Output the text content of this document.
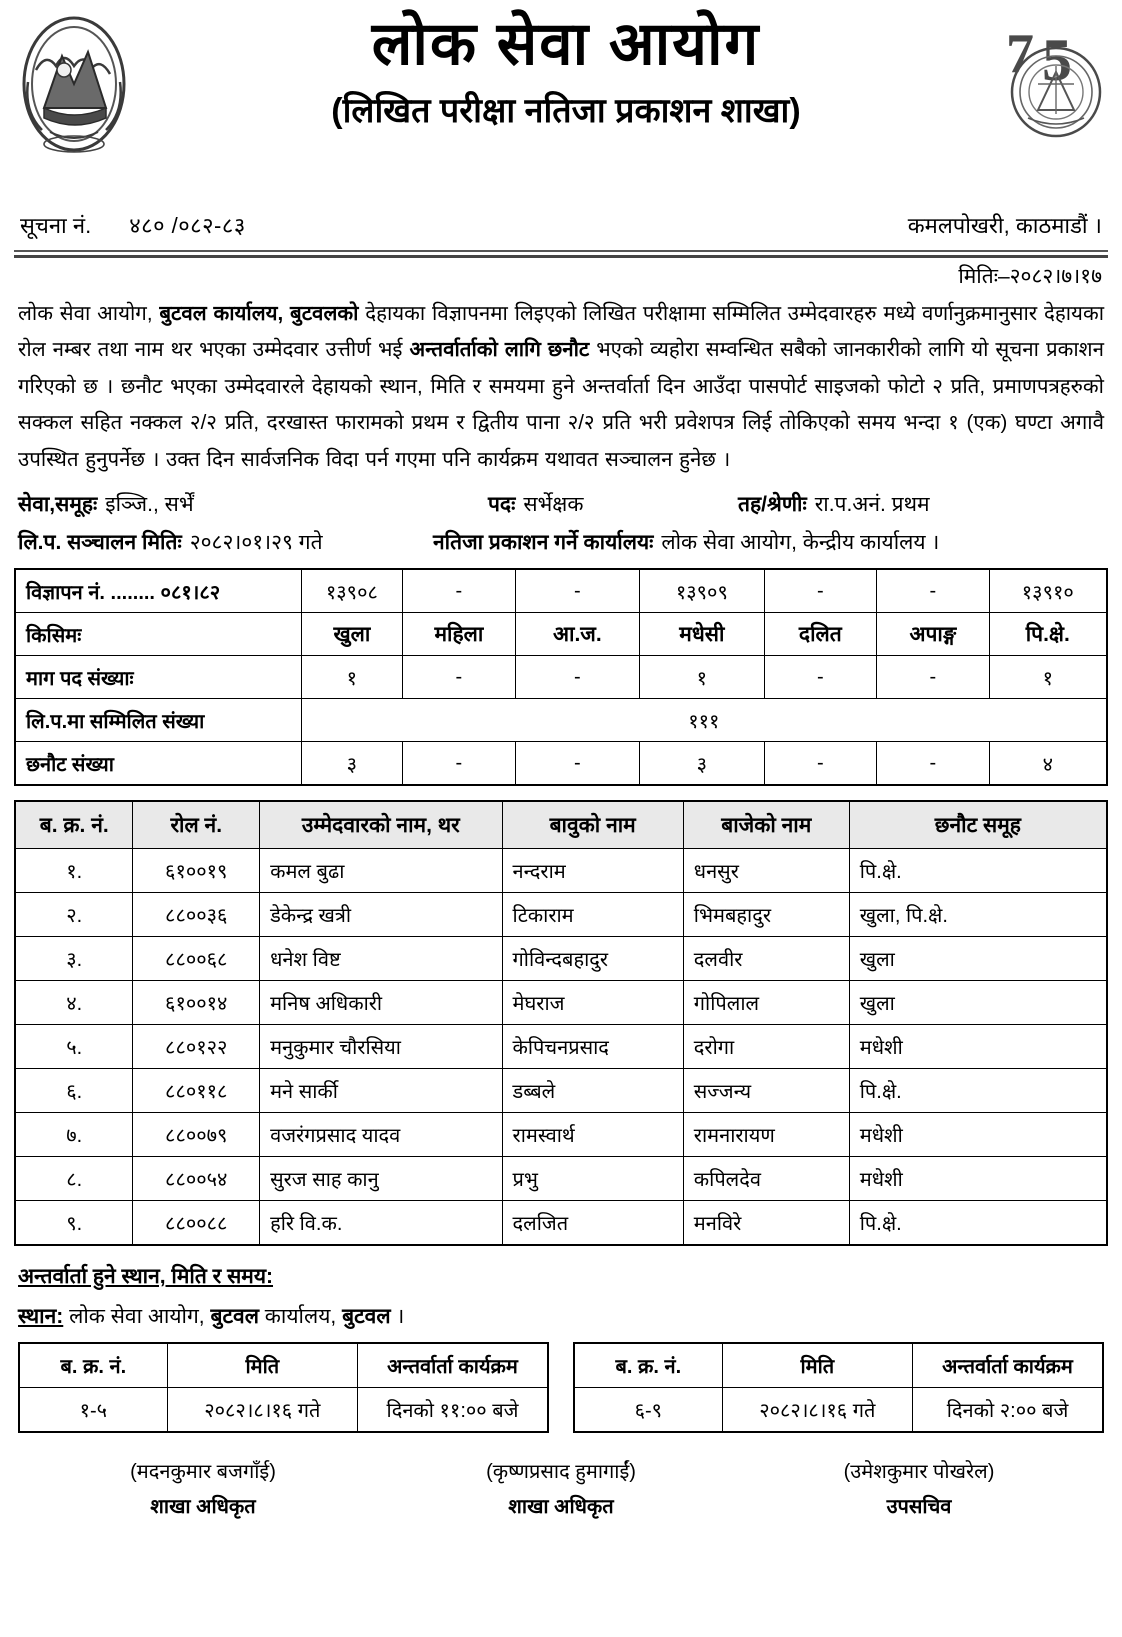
लोक सेवा आयोग
(लिखित परीक्षा नतिजा प्रकाशन शाखा)
7 5
सूचना नं. ४८० /०८२-८३	कमलपोखरी, काठमाडौं ।
मितिः–२०८२।७।१७
लोक सेवा आयोग, बुटवल कार्यालय, बुटवलको देहायका विज्ञापनमा लिइएको लिखित परीक्षामा सम्मिलित उम्मेदवारहरु मध्ये वर्णानुक्रमानुसार देहायका रोल नम्बर तथा नाम थर भएका उम्मेदवार उत्तीर्ण भई अन्तर्वार्ताको लागि छनौट भएको व्यहोरा सम्वन्धित सबैको जानकारीको लागि यो सूचना प्रकाशन गरिएको छ । छनौट भएका उम्मेदवारले देहायको स्थान, मिति र समयमा हुने अन्तर्वार्ता दिन आउँदा पासपोर्ट साइजको फोटो २ प्रति, प्रमाणपत्रहरुको सक्कल सहित नक्कल २/२ प्रति, दरखास्त फारामको प्रथम र द्वितीय पाना २/२ प्रति भरी प्रवेशपत्र लिई तोकिएको समय भन्दा १ (एक) घण्टा अगावै उपस्थित हुनुपर्नेछ । उक्त दिन सार्वजनिक विदा पर्न गएमा पनि कार्यक्रम यथावत सञ्चालन हुनेछ ।
सेवा,समूहः इञ्जि., सर्भें	पदः सर्भेक्षक	तह/श्रेणीः रा.प.अनं. प्रथम
लि.प. सञ्चालन मितिः २०८२।०१।२९ गते	नतिजा प्रकाशन गर्ने कार्यालयः लोक सेवा आयोग, केन्द्रीय कार्यालय ।
विज्ञापन नं. ........ ०८१।८२	१३९०८	-	-	१३९०९	-	-	१३९१०
किसिमः	खुला	महिला	आ.ज.	मधेसी	दलित	अपाङ्ग	पि.क्षे.
माग पद संख्याः	१	-	-	१	-	-	१
लि.प.मा सम्मिलित संख्या	१११						
छनौट संख्या	३	-	-	३	-	-	४
ब. क्र. नं.	रोल नं.	उम्मेदवारको नाम, थर	बावुको नाम	बाजेको नाम	छनौट समूह
१.	६१००१९	कमल बुढा	नन्दराम	धनसुर	पि.क्षे.
२.	८८००३६	डेकेन्द्र खत्री	टिकाराम	भिमबहादुर	खुला, पि.क्षे.
३.	८८००६८	धनेश विष्ट	गोविन्दबहादुर	दलवीर	खुला
४.	६१००१४	मनिष अधिकारी	मेघराज	गोपिलाल	खुला
५.	८८०१२२	मनुकुमार चौरसिया	केपिचनप्रसाद	दरोगा	मधेशी
६.	८८०११८	मने सार्की	डब्बले	सज्जन्य	पि.क्षे.
७.	८८००७९	वजरंगप्रसाद यादव	रामस्वार्थ	रामनारायण	मधेशी
८.	८८००५४	सुरज साह कानु	प्रभु	कपिलदेव	मधेशी
९.	८८००८८	हरि वि.क.	दलजित	मनविरे	पि.क्षे.
अन्तर्वार्ता हुने स्थान, मिति र समय:
स्थान: लोक सेवा आयोग, बुटवल कार्यालय, बुटवल ।
ब. क्र. नं.	मिति	अन्तर्वार्ता कार्यक्रम
१-५	२०८२।८।१६ गते	दिनको ११:०० बजे
ब. क्र. नं.	मिति	अन्तर्वार्ता कार्यक्रम
६-९	२०८२।८।१६ गते	दिनको २:०० बजे
(मदनकुमार बजगाँई)
शाखा अधिकृत
(कृष्णप्रसाद हुमागाईं)
शाखा अधिकृत
(उमेशकुमार पोखरेल)
उपसचिव
